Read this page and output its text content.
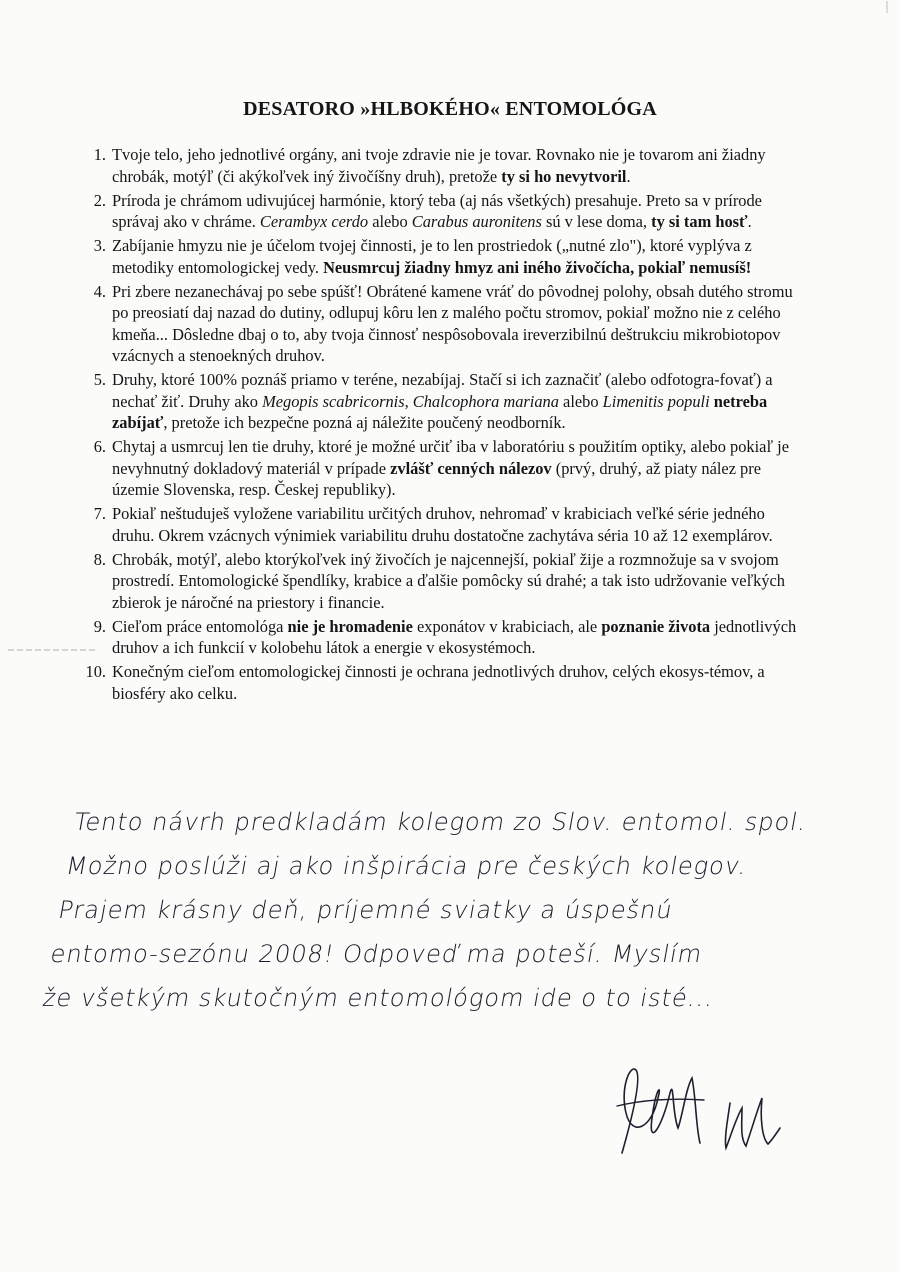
DESATORO »HLBOKÉHO« ENTOMOLÓGA
1. Tvoje telo, jeho jednotlivé orgány, ani tvoje zdravie nie je tovar. Rovnako nie je tovarom ani žiadny chrobák, motýľ (či akýkoľvek iný živočíšny druh), pretože ty si ho nevytvoril.
2. Príroda je chrámom udivujúcej harmónie, ktorý teba (aj nás všetkých) presahuje. Preto sa v prírode správaj ako v chráme. Cerambyx cerdo alebo Carabus auronitens sú v lese doma, ty si tam hosť.
3. Zabíjanie hmyzu nie je účelom tvojej činnosti, je to len prostriedok („nutné zlo"), ktoré vyplýva z metodiky entomologickej vedy. Neusmrcuj žiadny hmyz ani iného živočícha, pokiaľ nemusíš!
4. Pri zbere nezanechávaj po sebe spúšť! Obrátené kamene vráť do pôvodnej polohy, obsah dutého stromu po preosiatí daj nazad do dutiny, odlupuj kôru len z malého počtu stromov, pokiaľ možno nie z celého kmeňa... Dôsledne dbaj o to, aby tvoja činnosť nespôsobovala ireverzibilnú deštrukciu mikrobiotopov vzácnych a stenoekných druhov.
5. Druhy, ktoré 100% poznáš priamo v teréne, nezabíjaj. Stačí si ich zaznačiť (alebo odfotogra-fovať) a nechať žiť. Druhy ako Megopis scabricornis, Chalcophora mariana alebo Limenitis populi netreba zabíjať, pretože ich bezpečne pozná aj náležite poučený neodborník.
6. Chytaj a usmrcuj len tie druhy, ktoré je možné určiť iba v laboratóriu s použitím optiky, alebo pokiaľ je nevyhnutný dokladový materiál v prípade zvlášť cenných nálezov (prvý, druhý, až piaty nález pre územie Slovenska, resp. Českej republiky).
7. Pokiaľ neštuduješ vyložene variabilitu určitých druhov, nehromaď v krabiciach veľké série jedného druhu. Okrem vzácnych výnimiek variabilitu druhu dostatočne zachytáva séria 10 až 12 exemplárov.
8. Chrobák, motýľ, alebo ktorýkoľvek iný živočích je najcennejší, pokiaľ žije a rozmnožuje sa v svojom prostredí. Entomologické špendlíky, krabice a ďalšie pomôcky sú drahé; a tak isto udržovanie veľkých zbierok je náročné na priestory i financie.
9. Cieľom práce entomológa nie je hromadenie exponátov v krabiciach, ale poznanie života jednotlivých druhov a ich funkcií v kolobehu látok a energie v ekosystémoch.
10. Konečným cieľom entomologickej činnosti je ochrana jednotlivých druhov, celých ekosys-témov, a biosféry ako celku.
Tento návrh predkladám kolegom zo Slov. entomol. spol.
Možno poslúži aj ako inšpirácia pre českých kolegov.
Prajem krásny deň, príjemné sviatky a úspešnú
entomo-sezónu 2008! Odpoveď ma poteší. Myslím
že všetkým skutočným entomológom ide o to isté...
